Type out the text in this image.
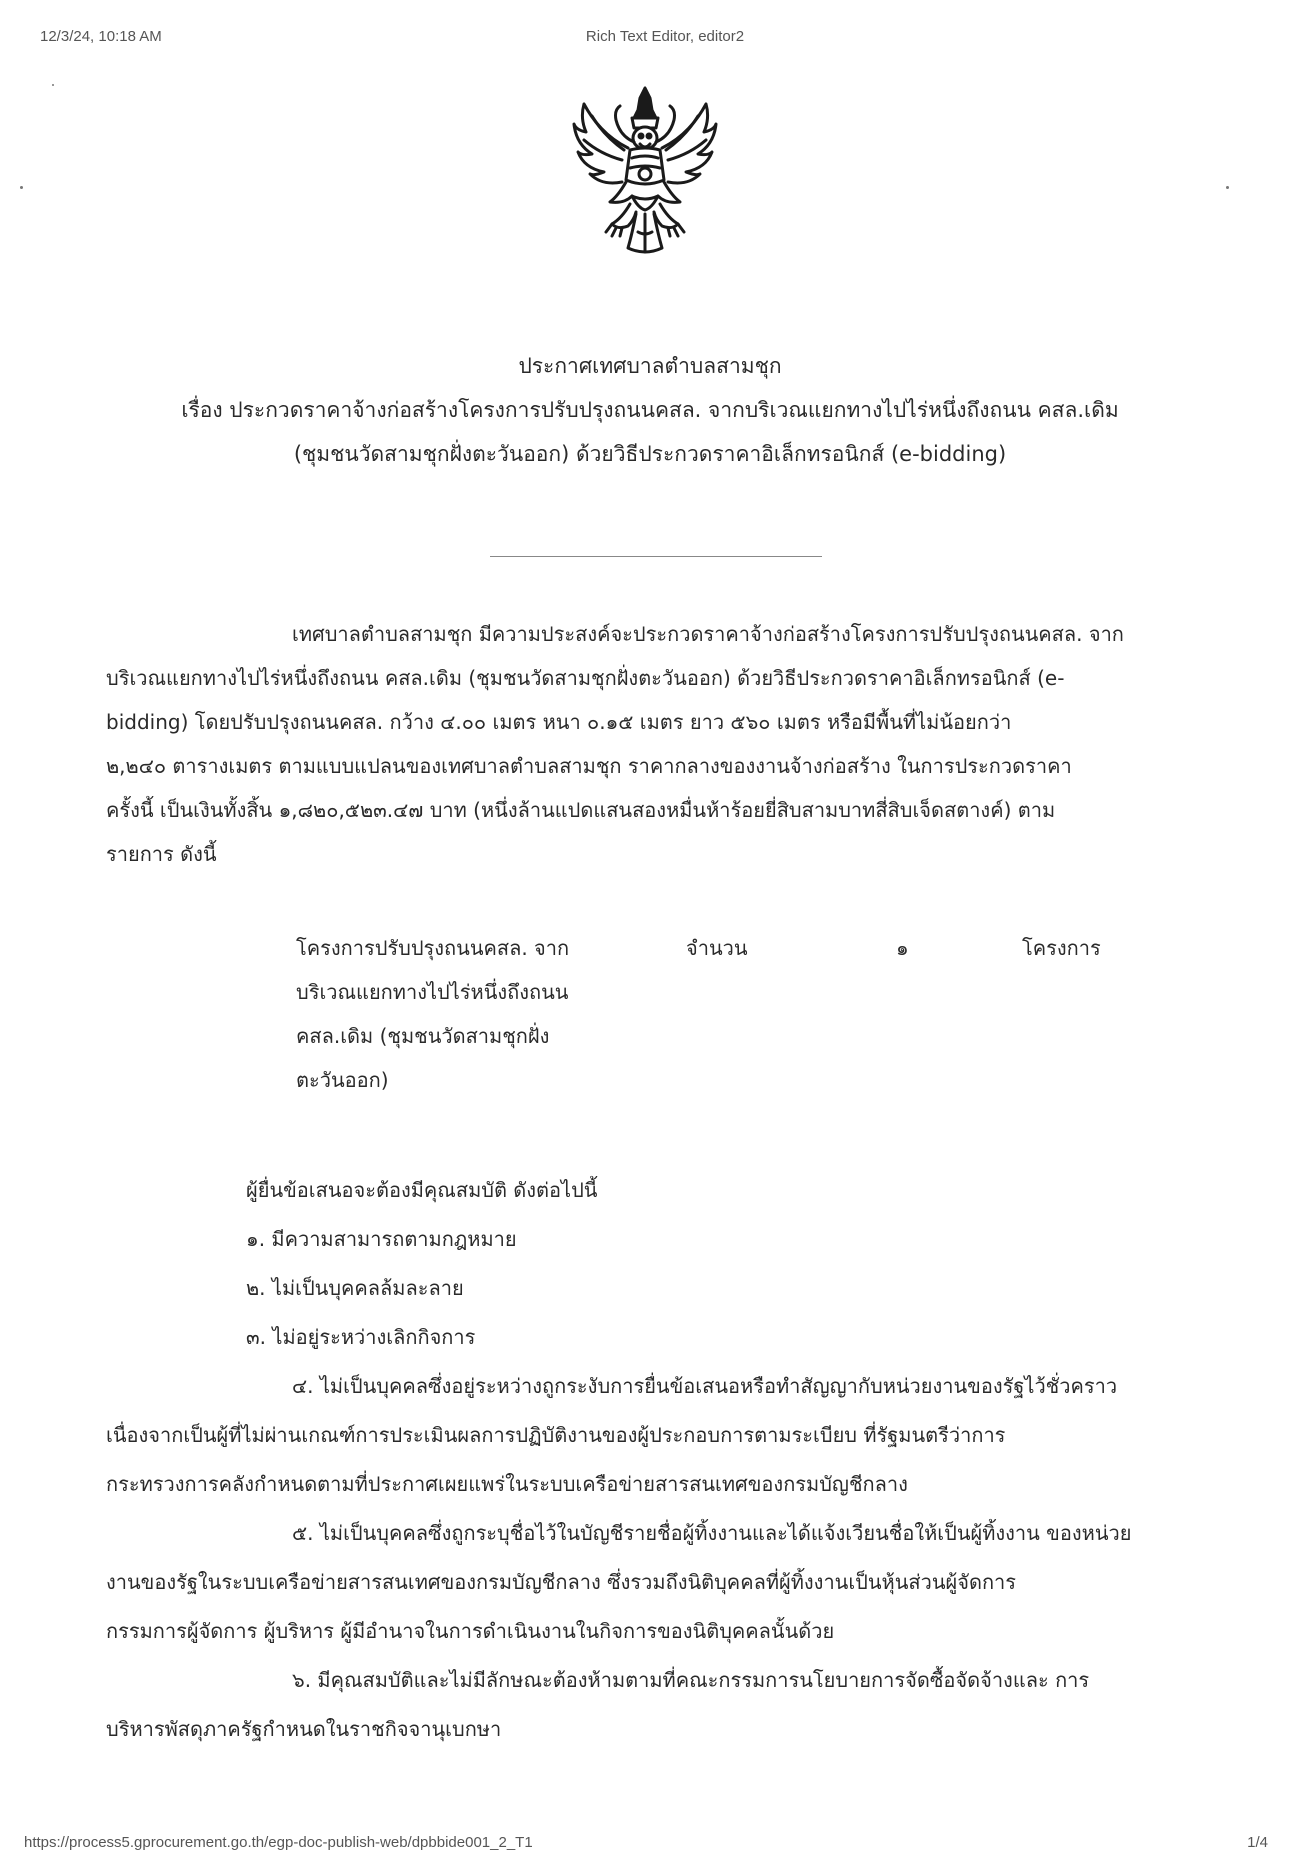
12/3/24, 10:18 AM	Rich Text Editor, editor2
ประกาศเทศบาลตำบลสามชุก
เรื่อง ประกวดราคาจ้างก่อสร้างโครงการปรับปรุงถนนคสล. จากบริเวณแยกทางไปไร่หนึ่งถึงถนน คสล.เดิม
(ชุมชนวัดสามชุกฝั่งตะวันออก) ด้วยวิธีประกวดราคาอิเล็กทรอนิกส์ (e-bidding)
เทศบาลตำบลสามชุก มีความประสงค์จะประกวดราคาจ้างก่อสร้างโครงการปรับปรุงถนนคสล. จาก
บริเวณแยกทางไปไร่หนึ่งถึงถนน คสล.เดิม (ชุมชนวัดสามชุกฝั่งตะวันออก) ด้วยวิธีประกวดราคาอิเล็กทรอนิกส์ (e-
bidding) โดยปรับปรุงถนนคสล. กว้าง ๔.๐๐ เมตร หนา ๐.๑๕ เมตร ยาว ๕๖๐ เมตร หรือมีพื้นที่ไม่น้อยกว่า
๒,๒๔๐ ตารางเมตร ตามแบบแปลนของเทศบาลตำบลสามชุก ราคากลางของงานจ้างก่อสร้าง ในการประกวดราคา
ครั้งนี้ เป็นเงินทั้งสิ้น ๑,๘๒๐,๕๒๓.๔๗ บาท (หนึ่งล้านแปดแสนสองหมื่นห้าร้อยยี่สิบสามบาทสี่สิบเจ็ดสตางค์) ตาม
รายการ ดังนี้
โครงการปรับปรุงถนนคสล. จาก
บริเวณแยกทางไปไร่หนึ่งถึงถนน
คสล.เดิม (ชุมชนวัดสามชุกฝั่ง
ตะวันออก)
จำนวน	๑	โครงการ
ผู้ยื่นข้อเสนอจะต้องมีคุณสมบัติ ดังต่อไปนี้
๑. มีความสามารถตามกฎหมาย
๒. ไม่เป็นบุคคลล้มละลาย
๓. ไม่อยู่ระหว่างเลิกกิจการ
๔. ไม่เป็นบุคคลซึ่งอยู่ระหว่างถูกระงับการยื่นข้อเสนอหรือทำสัญญากับหน่วยงานของรัฐไว้ชั่วคราว
เนื่องจากเป็นผู้ที่ไม่ผ่านเกณฑ์การประเมินผลการปฏิบัติงานของผู้ประกอบการตามระเบียบ ที่รัฐมนตรีว่าการ
กระทรวงการคลังกำหนดตามที่ประกาศเผยแพร่ในระบบเครือข่ายสารสนเทศของกรมบัญชีกลาง
๕. ไม่เป็นบุคคลซึ่งถูกระบุชื่อไว้ในบัญชีรายชื่อผู้ทิ้งงานและได้แจ้งเวียนชื่อให้เป็นผู้ทิ้งงาน ของหน่วย
งานของรัฐในระบบเครือข่ายสารสนเทศของกรมบัญชีกลาง ซึ่งรวมถึงนิติบุคคลที่ผู้ทิ้งงานเป็นหุ้นส่วนผู้จัดการ
กรรมการผู้จัดการ ผู้บริหาร ผู้มีอำนาจในการดำเนินงานในกิจการของนิติบุคคลนั้นด้วย
๖. มีคุณสมบัติและไม่มีลักษณะต้องห้ามตามที่คณะกรรมการนโยบายการจัดซื้อจัดจ้างและ การ
บริหารพัสดุภาครัฐกำหนดในราชกิจจานุเบกษา
https://process5.gprocurement.go.th/egp-doc-publish-web/dpbbide001_2_T1	1/4
